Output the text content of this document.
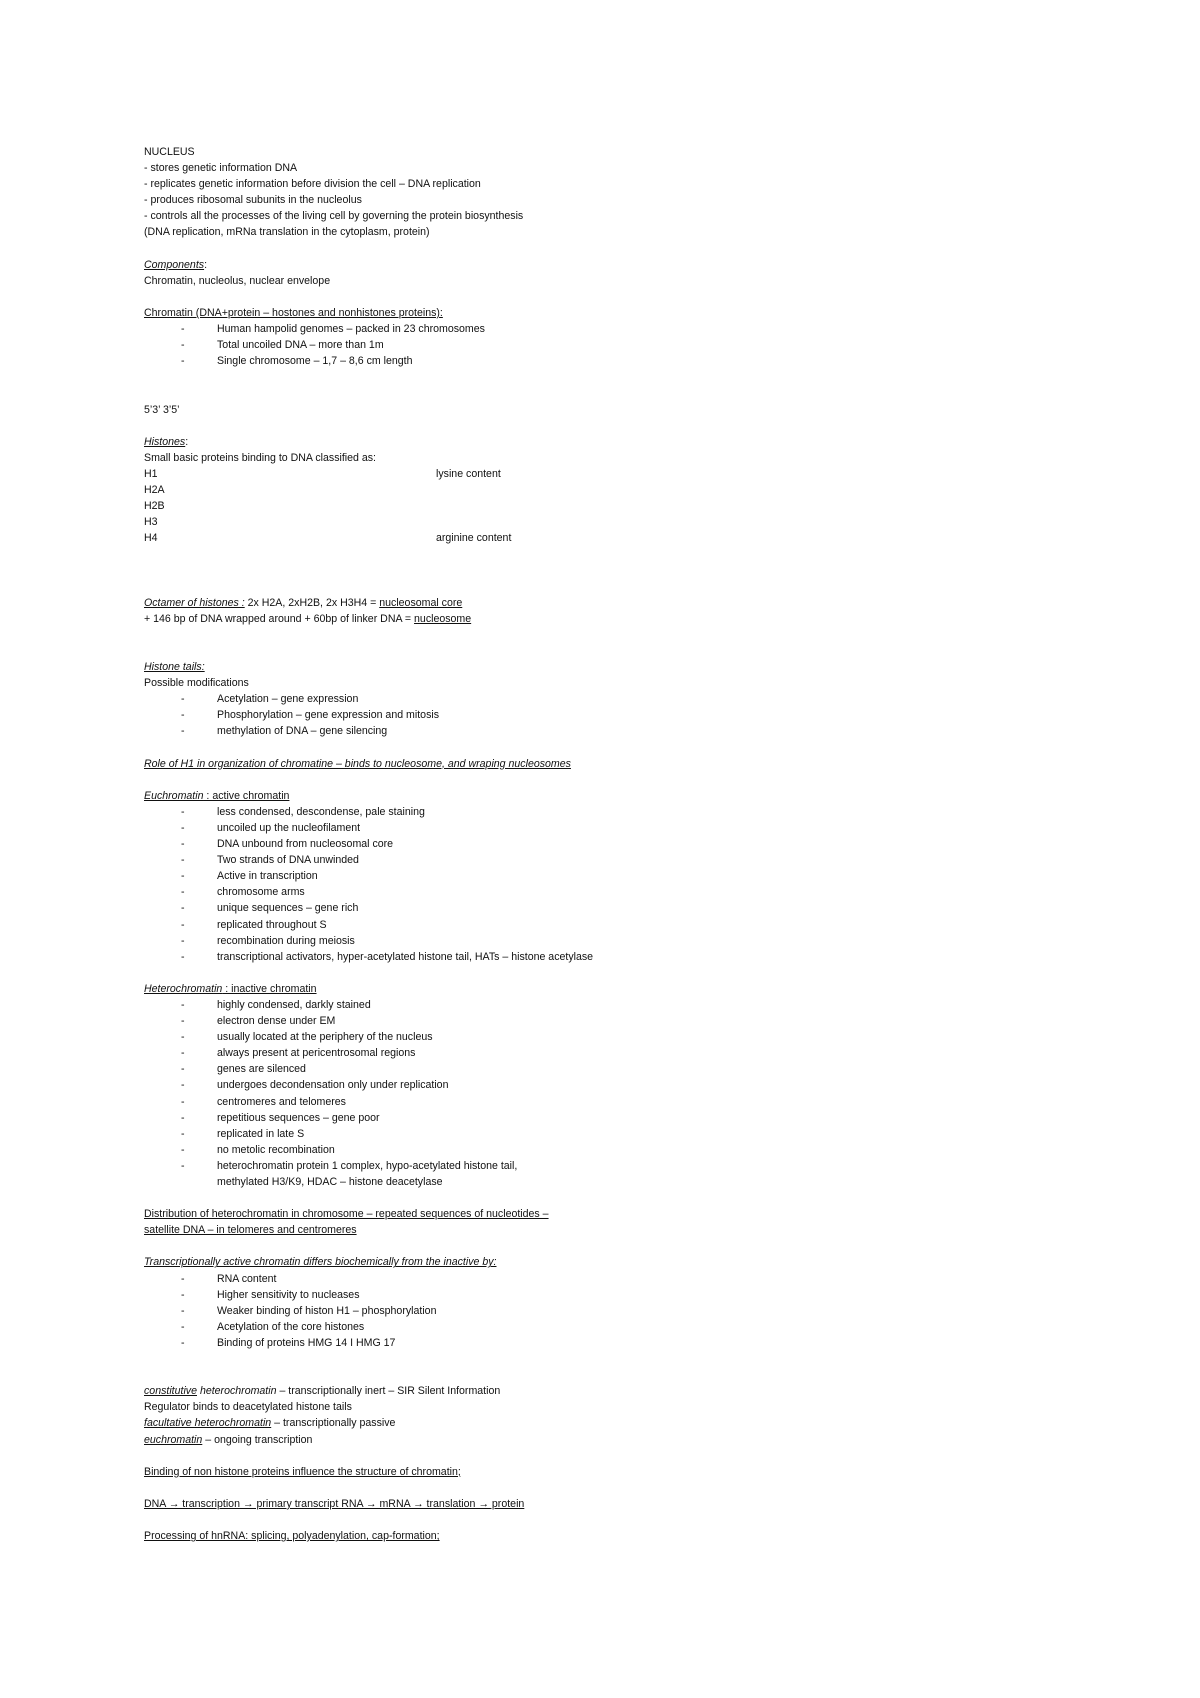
NUCLEUS
- stores genetic information DNA
- replicates genetic information before division the cell – DNA replication
- produces ribosomal subunits in the nucleolus
- controls all the processes of the living cell by governing the protein biosynthesis
(DNA replication, mRNa translation in the cytoplasm, protein)
Components:
Chromatin, nucleolus, nuclear envelope
Chromatin (DNA+protein – hostones and nonhistones proteins):
-	Human hampolid genomes – packed in 23 chromosomes
-	Total uncoiled DNA – more than 1m
-	Single chromosome – 1,7 – 8,6 cm length
5’3’ 3’5’
Histones:
Small basic proteins binding to DNA classified as:
H1	lysine content
H2A
H2B
H3
H4	arginine content
Octamer of histones : 2x H2A, 2xH2B, 2x H3H4 = nucleosomal core
+ 146 bp of DNA wrapped around + 60bp of linker DNA = nucleosome
Histone tails:
Possible modifications
-	Acetylation – gene expression
-	Phosphorylation – gene expression and mitosis
-	methylation of DNA – gene silencing
Role of H1 in organization of chromatine – binds to nucleosome, and wraping nucleosomes
Euchromatin : active chromatin
-	less condensed, descondense, pale staining
-	uncoiled up the nucleofilament
-	DNA unbound from nucleosomal core
-	Two strands of DNA unwinded
-	Active in transcription
-	chromosome arms
-	unique sequences – gene rich
-	replicated throughout S
-	recombination during meiosis
-	transcriptional activators, hyper-acetylated histone tail, HATs – histone acetylase
Heterochromatin : inactive chromatin
-	highly condensed, darkly stained
-	electron dense under EM
-	usually located at the periphery of the nucleus
-	always present at pericentrosomal regions
-	genes are silenced
-	undergoes decondensation only under replication
-	centromeres and telomeres
-	repetitious sequences – gene poor
-	replicated in late S
-	no metolic recombination
-	heterochromatin protein 1 complex, hypo-acetylated histone tail,
methylated H3/K9, HDAC – histone deacetylase
Distribution of heterochromatin in chromosome – repeated sequences of nucleotides –
satellite DNA – in telomeres and centromeres
Transcriptionally active chromatin differs biochemically from the inactive by:
-	RNA content
-	Higher sensitivity to nucleases
-	Weaker binding of histon H1 – phosphorylation
-	Acetylation of the core histones
-	Binding of proteins HMG 14 I HMG 17
constitutive heterochromatin – transcriptionally inert – SIR Silent Information
Regulator binds to deacetylated histone tails
facultative heterochromatin – transcriptionally passive
euchromatin – ongoing transcription
Binding of non histone proteins influence the structure of chromatin;
DNA → transcription → primary transcript RNA → mRNA → translation → protein
Processing of hnRNA: splicing, polyadenylation, cap-formation;
